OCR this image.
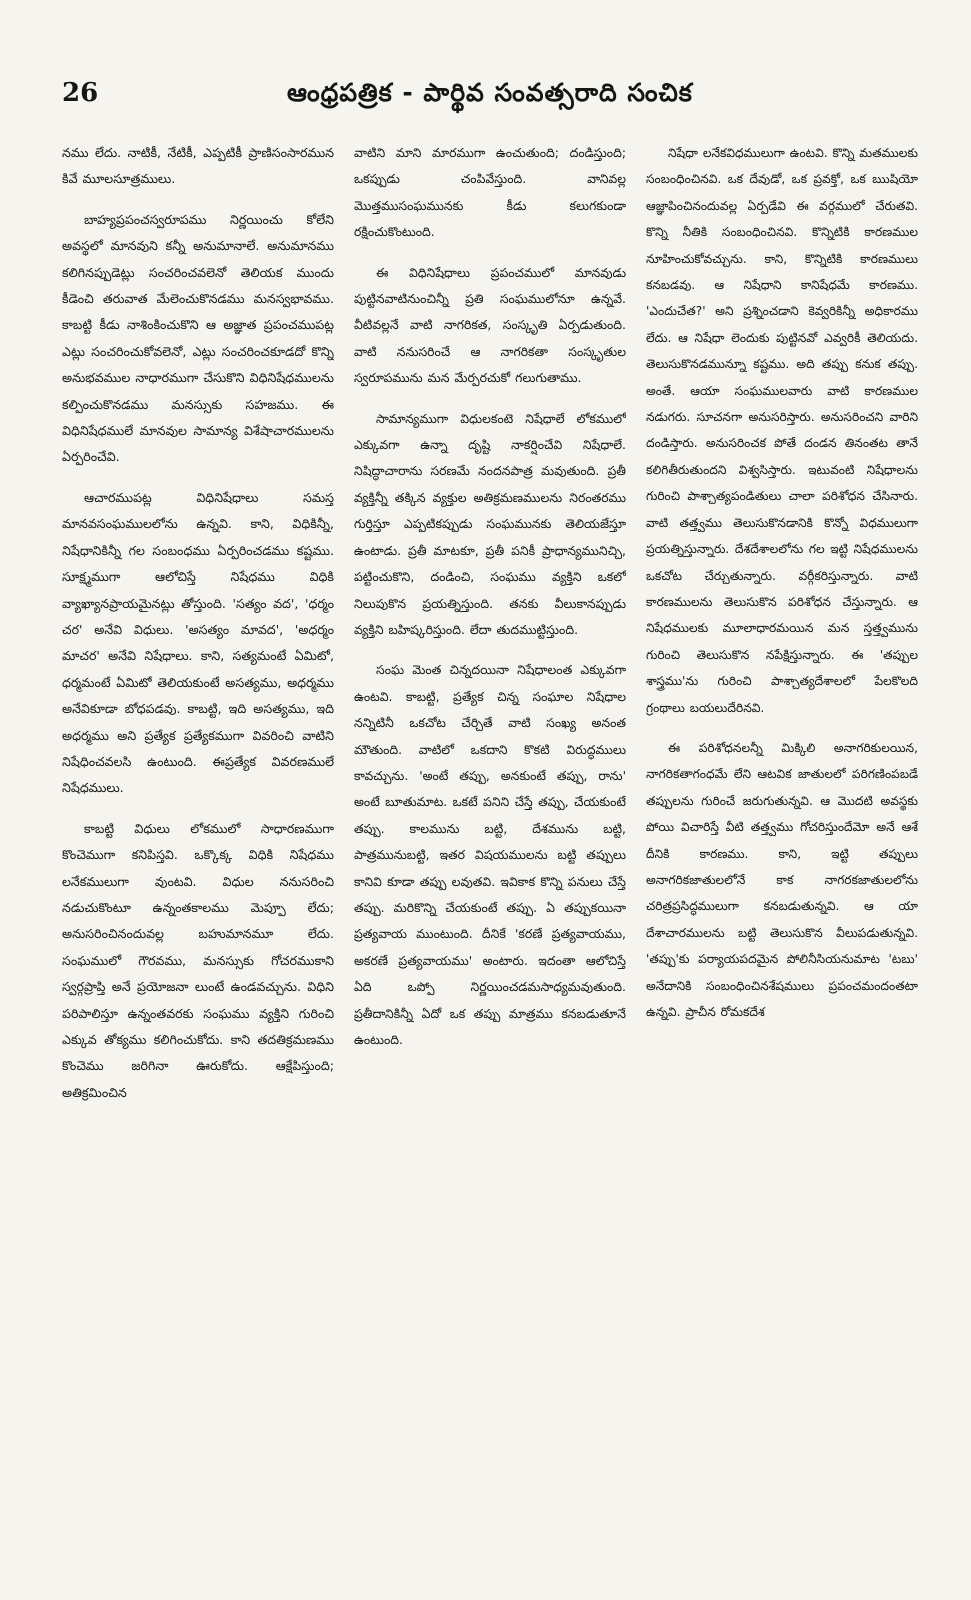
26	ఆంధ్రపత్రిక - పార్థివ సంవత్సరాది సంచిక

నము లేదు. నాటికీ, నేటికీ, ఎప్పటికీ ప్రాణిసంసారమున కివే మూలసూత్రములు.

బాహ్యప్రపంచస్వరూపము నిర్ణయించు కోలేని అవస్థలో మానవుని కన్నీ అనుమానాలే. అనుమానము కలిగినప్పుడెట్లు సంచరించవలెనో తెలియక ముందు కీడెంచి తరువాత మేలెంచుకొనడము మనస్వభావము. కాబట్టి కీడు నాశింకించుకొని ఆ అజ్ఞాత ప్రపంచముపట్ల ఎట్లు సంచరించుకోవలెనో, ఎట్లు సంచరించకూడదో కొన్ని అనుభవముల నాధారముగా చేసుకొని విధినిషేధములను కల్పించుకొనడము మనస్సుకు సహజము. ఈ విధినిషేధములే మానవుల సామాన్య విశేషాచారములను ఏర్పరించేవి.

ఆచారముపట్ల విధినిషేధాలు సమస్త మానవసంఘములలోను ఉన్నవి. కాని, విధికిన్నీ, నిషేధానికిన్నీ గల సంబంధము ఏర్పరించడము కష్టము. సూక్ష్మముగా ఆలోచిస్తే నిషేధము విధికి వ్యాఖ్యానప్రాయమైనట్లు తోస్తుంది. 'సత్యం వద', 'ధర్మం చర' అనేవి విధులు. 'అసత్యం మావద', 'అధర్మం మాచర' అనేవి నిషేధాలు. కాని, సత్యమంటే ఏమిటో, ధర్మమంటే ఏమిటో తెలియకుంటే అసత్యము, అధర్మము అనేవికూడా బోధపడవు. కాబట్టి, ఇది అసత్యము, ఇది అధర్మము అని ప్రత్యేక ప్రత్యేకముగా వివరించి వాటిని నిషేధించవలసి ఉంటుంది. ఈప్రత్యేక వివరణములే నిషేధములు.

కాబట్టి విధులు లోకములో సాధారణముగా కొంచెముగా కనిపిస్తవి. ఒక్కొక్క విధికి నిషేధము లనేకములుగా వుంటవి. విధుల ననుసరించి నడుచుకొంటూ ఉన్నంతకాలము మెప్పూ లేదు; అనుసరించినందువల్ల బహుమానమూ లేదు. సంఘములో గౌరవము, మనస్సుకు గోచరముకాని స్వర్గప్రాప్తి అనే ప్రయోజనా లుంటే ఉండవచ్చును. విధిని పరిపాలిస్తూ ఉన్నంతవరకు సంఘము వ్యక్తిని గురించి ఎక్కువ తోక్యము కలిగించుకోదు. కాని తదతిక్రమణము కొంచెము జరిగినా ఊరుకోదు. ఆక్షేపిస్తుంది; అతిక్రమించిన

వాటిని మాని మారముగా ఉంచుతుంది; దండిస్తుంది; ఒకప్పుడు చంపివేస్తుంది. వానివల్ల మొత్తముసంఘమునకు కీడు కలుగకుండా రక్షించుకొంటుంది.

ఈ విధినిషేధాలు ప్రపంచములో మానవుడు పుట్టినవాటినుంచిన్నీ ప్రతి సంఘములోనూ ఉన్నవే. వీటివల్లనే వాటి నాగరికత, సంస్కృతి ఏర్పడుతుంది. వాటి ననుసరించే ఆ నాగరికతా సంస్కృతుల స్వరూపమును మన మేర్పరచుకో గలుగుతాము.

సామాన్యముగా విధులకంటె నిషేధాలే లోకములో ఎక్కువగా ఉన్నా దృష్టి నాకర్షించేవి నిషేధాలే. నిషిద్ధాచారాను సరణమే నందనపాత్ర మవుతుంది. ప్రతీ వ్యక్తిన్నీ తక్కిన వ్యక్తుల అతిక్రమణములను నిరంతరము గుర్తిస్తూ ఎప్పటికప్పుడు సంఘమునకు తెలియజేస్తూ ఉంటాడు. ప్రతీ మాటకూ, ప్రతీ పనికీ ప్రాధాన్యమునిచ్చి, పట్టించుకొని, దండించి, సంఘము వ్యక్తిని ఒకలో నిలుపుకొన ప్రయత్నిస్తుంది. తనకు వీలుకానప్పుడు వ్యక్తిని బహిష్కరిస్తుంది. లేదా తుదముట్టిస్తుంది.

సంఘ మెంత చిన్నదయినా నిషేధాలంత ఎక్కువగా ఉంటవి. కాబట్టి, ప్రత్యేక చిన్న సంఘాల నిషేధాల నన్నిటినీ ఒకచోట చేర్చితే వాటి సంఖ్య అనంత మౌతుంది. వాటిలో ఒకదాని కొకటి విరుద్ధములు కావచ్చును. 'అంటే తప్పు, అనకుంటే తప్పు, రాను' అంటే బూతుమాట. ఒకటే పనిని చేస్తే తప్పు, చేయకుంటే తప్పు. కాలమును బట్టి, దేశమును బట్టి, పాత్రమునుబట్టి, ఇతర విషయములను బట్టి తప్పులు కానివి కూడా తప్పు లవుతవి. ఇవికాక కొన్ని పనులు చేస్తే తప్పు. మరికొన్ని చేయకుంటే తప్పు. ఏ తప్పుకయినా ప్రత్యవాయ ముంటుంది. దీనికే 'కరణే ప్రత్యవాయము, అకరణే ప్రత్యవాయము' అంటారు. ఇదంతా ఆలోచిస్తే ఏది ఒప్పో నిర్ణయించడమసాధ్యమవుతుంది. ప్రతీదానికిన్నీ ఏదో ఒక తప్పు మాత్రము కనబడుతూనే ఉంటుంది.

నిషేధా లనేకవిధములుగా ఉంటవి. కొన్ని మతములకు సంబంధించినవి. ఒక దేవుడో, ఒక ప్రవక్తో, ఒక ఋషియో ఆజ్ఞాపించినందువల్ల ఏర్పడేవి ఈ వర్గములో చేరుతవి. కొన్ని నీతికి సంబంధించినవి. కొన్నిటికి కారణముల నూహించుకోవచ్చును. కాని, కొన్నిటికి కారణములు కనబడవు. ఆ నిషేధాని కానిషేధమే కారణము. 'ఎందుచేత?' అని ప్రశ్నించడాని కెవ్వరికిన్నీ అధికారము లేదు. ఆ నిషేధా లెందుకు పుట్టినవో ఎవ్వరికీ తెలియదు. తెలుసుకొనడమున్నూ కష్టము. అది తప్పు కనుక తప్పు. అంతే. ఆయా సంఘములవారు వాటి కారణముల నడుగరు. సూచనగా అనుసరిస్తారు. అనుసరించని వారిని దండిస్తారు. అనుసరించక పోతే దండన తినంతట తానే కలిగితీరుతుందని విశ్వసిస్తారు. ఇటువంటి నిషేధాలను గురించి పాశ్చాత్యపండితులు చాలా పరిశోధన చేసినారు. వాటి తత్త్వము తెలుసుకొనడానికి కొన్నో విధములుగా ప్రయత్నిస్తున్నారు. దేశదేశాలలోను గల ఇట్టి నిషేధములను ఒకచోట చేర్చుతున్నారు. వర్గీకరిస్తున్నారు. వాటి కారణములను తెలుసుకొన పరిశోధన చేస్తున్నారు. ఆ నిషేధములకు మూలాధారమయిన మన స్తత్త్వమును గురించి తెలుసుకొన నపేక్షిస్తున్నారు. ఈ 'తప్పుల శాస్త్రము'ను గురించి పాశ్చాత్యదేశాలలో పేలకొలది గ్రంథాలు బయలుదేరినవి.

ఈ పరిశోధనలన్నీ మిక్కిలి అనాగరికులయిన, నాగరికతాగంధమే లేని ఆటవిక జాతులలో పరిగణింపబడే తప్పులను గురించే జరుగుతున్నవి. ఆ మొదటి అవస్థకు పోయి విచారిస్తే వీటి తత్త్వము గోచరిస్తుందేమో అనే ఆశే దీనికి కారణము. కాని, ఇట్టి తప్పులు అనాగరికజాతులలోనే కాక నాగరకజాతులలోను చరిత్రప్రసిద్ధములుగా కనబడుతున్నవి. ఆ యా దేశాచారములను బట్టి తెలుసుకొన వీలుపడుతున్నవి. 'తప్పు'కు పర్యాయపదమైన పోలినీసియనుమాట 'టబు' అనేదానికి సంబంధించినశేషములు ప్రపంచమందంతటా ఉన్నవి. ప్రాచీన రోమకదేశ
